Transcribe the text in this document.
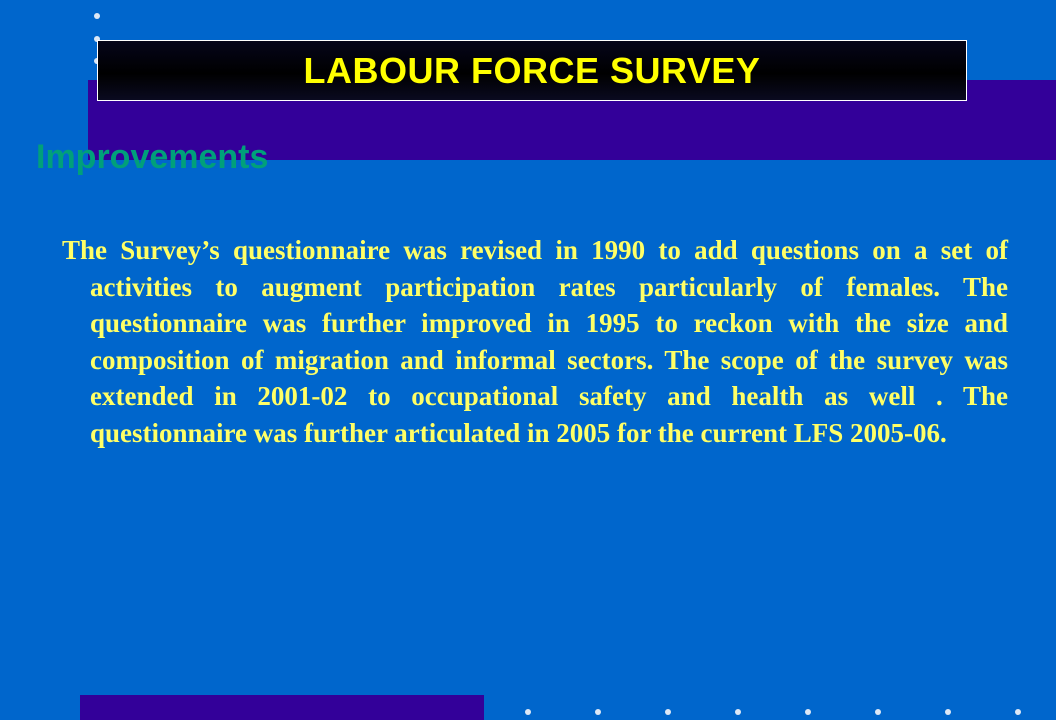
LABOUR FORCE SURVEY
Improvements

The Survey’s questionnaire was revised in 1990 to add questions on a set of activities to augment participation rates particularly of females. The questionnaire was further improved in 1995 to reckon with the size and composition of migration and informal sectors. The scope of the survey was extended in 2001-02 to occupational safety and health as well . The questionnaire was further articulated in 2005 for the current LFS 2005-06.
